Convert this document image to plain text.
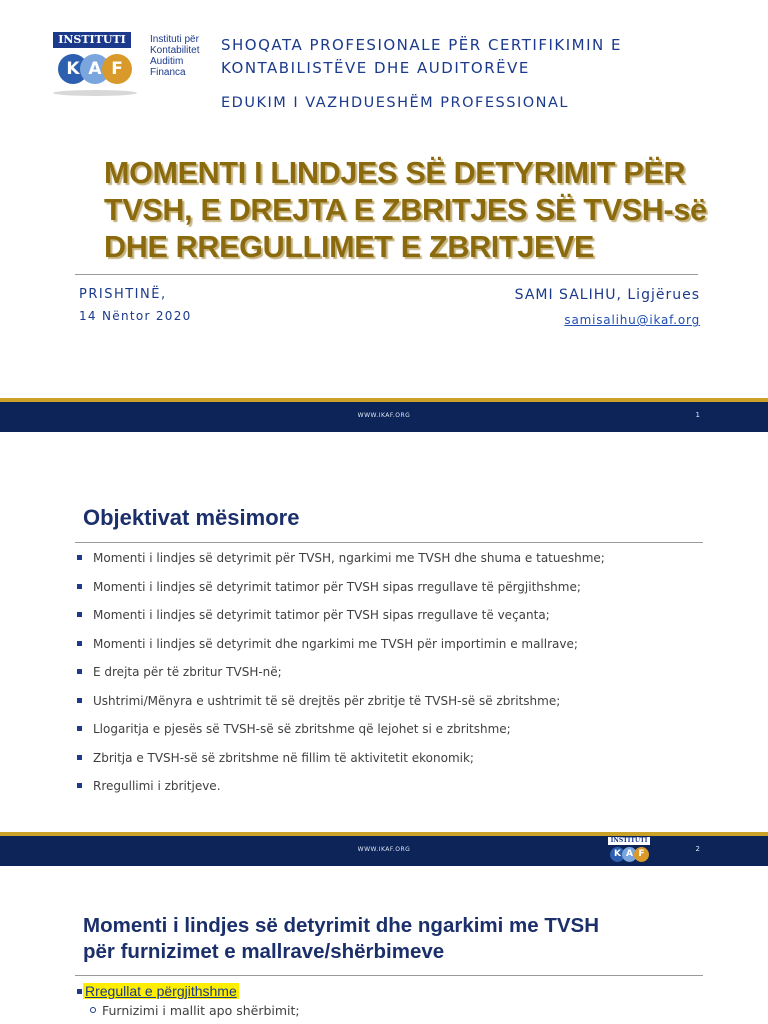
INSTITUTI
K A F
Instituti për
Kontabilitet
Auditim
Financa
SHOQATA PROFESIONALE PËR CERTIFIKIMIN E
KONTABILISTËVE DHE AUDITORËVE
EDUKIM I VAZHDUESHËM PROFESSIONAL
MOMENTI I LINDJES SË DETYRIMIT PËR
TVSH, E DREJTA E ZBRITJES SË TVSH-së
DHE RREGULLIMET E ZBRITJEVE
PRISHTINË,
14 Nëntor 2020
SAMI SALIHU, Ligjërues
samisalihu@ikaf.org
WWW.IKAF.ORG	1
Objektivat mësimore
Momenti i lindjes së detyrimit për TVSH, ngarkimi me TVSH dhe shuma e tatueshme;
Momenti i lindjes së detyrimit tatimor për TVSH sipas rregullave të përgjithshme;
Momenti i lindjes së detyrimit tatimor për TVSH sipas rregullave të veçanta;
Momenti i lindjes së detyrimit dhe ngarkimi me TVSH për importimin e mallrave;
E drejta për të zbritur TVSH-në;
Ushtrimi/Mënyra e ushtrimit të së drejtës për zbritje të TVSH-së së zbritshme;
Llogaritja e pjesës së TVSH-së së zbritshme që lejohet si e zbritshme;
Zbritja e TVSH-së së zbritshme në fillim të aktivitetit ekonomik;
Rregullimi i zbritjeve.
WWW.IKAF.ORG	2
INSTITUTI
K A F
Momenti i lindjes së detyrimit dhe ngarkimi me TVSH
për furnizimet e mallrave/shërbimeve
Rregullat e përgjithshme
Furnizimi i mallit apo shërbimit;
